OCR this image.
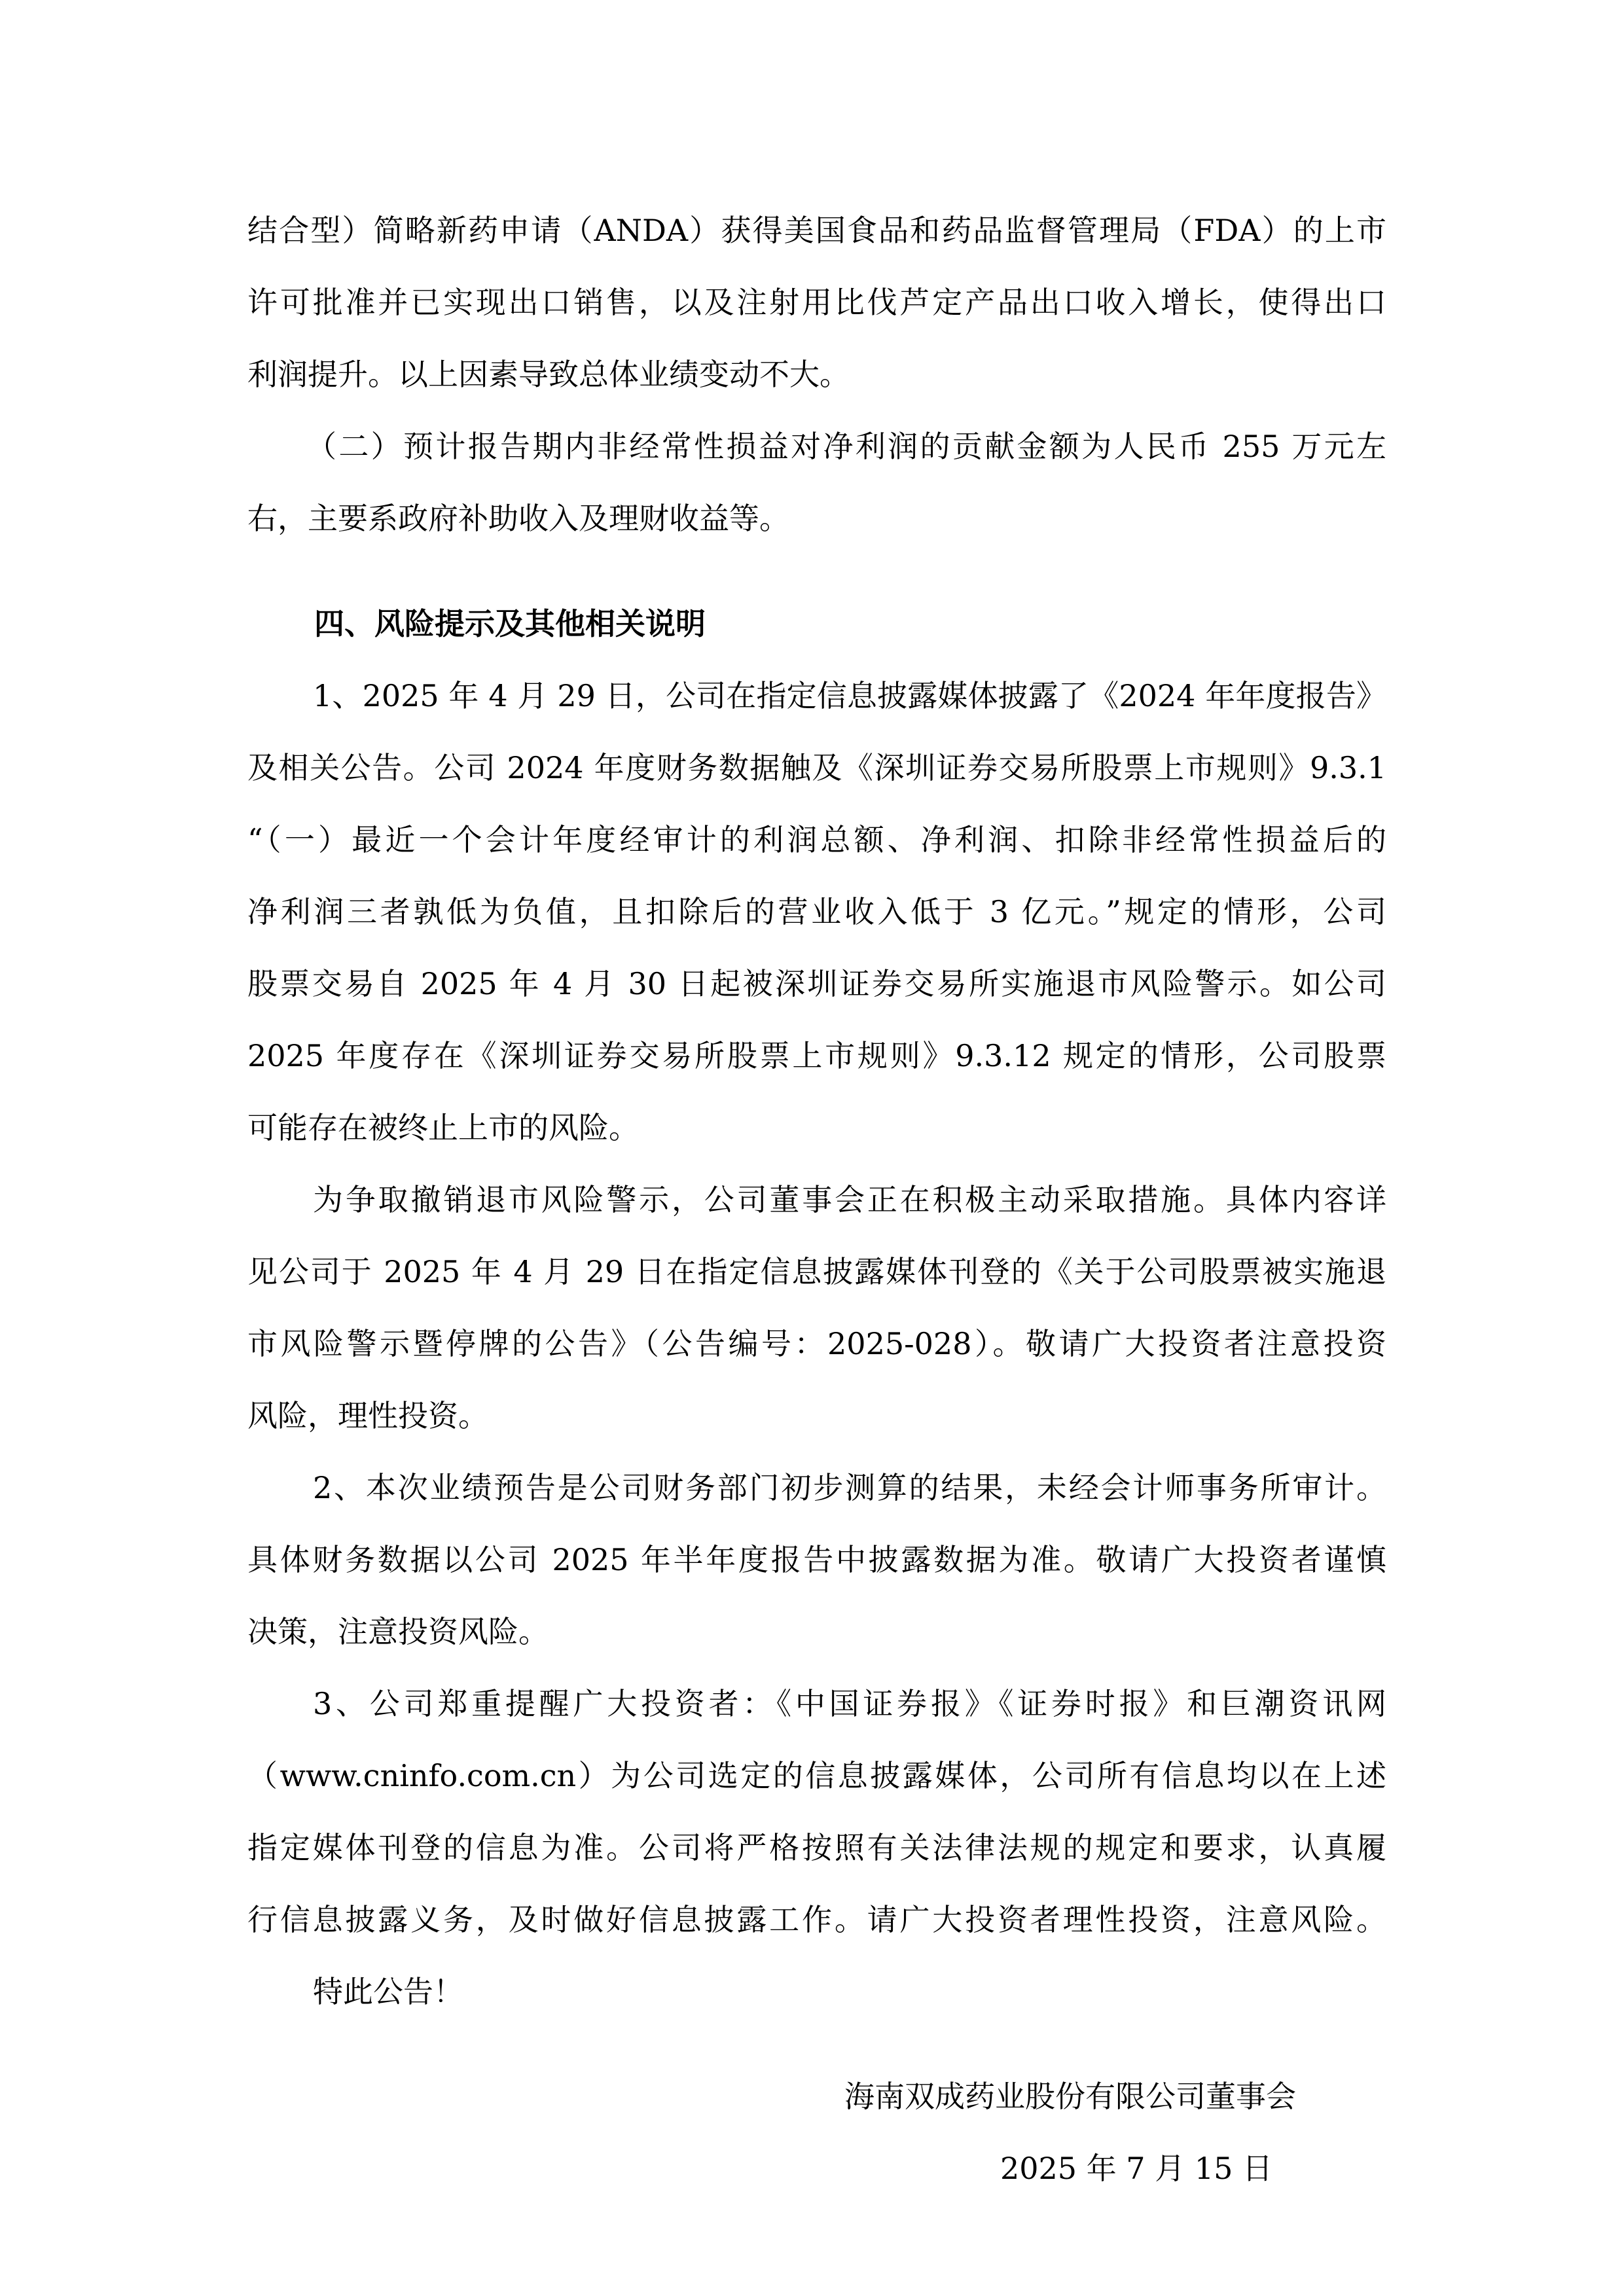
结合型）简略新药申请（ANDA）获得美国食品和药品监督管理局（FDA）的上市
许可批准并已实现出口销售，以及注射用比伐芦定产品出口收入增长，使得出口
利润提升。以上因素导致总体业绩变动不大。
（二）预计报告期内非经常性损益对净利润的贡献金额为人民币 255 万元左
右，主要系政府补助收入及理财收益等。
四、风险提示及其他相关说明
1、2025 年 4 月 29 日，公司在指定信息披露媒体披露了《2024 年年度报告》
及相关公告。公司 2024 年度财务数据触及《深圳证券交易所股票上市规则》9.3.1
“（一）最近一个会计年度经审计的利润总额、净利润、扣除非经常性损益后的
净利润三者孰低为负值，且扣除后的营业收入低于 3 亿元。”规定的情形，公司
股票交易自 2025 年 4 月 30 日起被深圳证券交易所实施退市风险警示。如公司
2025 年度存在《深圳证券交易所股票上市规则》9.3.12 规定的情形，公司股票
可能存在被终止上市的风险。
为争取撤销退市风险警示，公司董事会正在积极主动采取措施。具体内容详
见公司于 2025 年 4 月 29 日在指定信息披露媒体刊登的《关于公司股票被实施退
市风险警示暨停牌的公告》（公告编号：2025-028）。敬请广大投资者注意投资
风险，理性投资。
2、本次业绩预告是公司财务部门初步测算的结果，未经会计师事务所审计。
具体财务数据以公司 2025 年半年度报告中披露数据为准。敬请广大投资者谨慎
决策，注意投资风险。
3、公司郑重提醒广大投资者：《中国证券报》《证券时报》和巨潮资讯网
（www.cninfo.com.cn）为公司选定的信息披露媒体，公司所有信息均以在上述
指定媒体刊登的信息为准。公司将严格按照有关法律法规的规定和要求，认真履
行信息披露义务，及时做好信息披露工作。请广大投资者理性投资，注意风险。
特此公告！
海南双成药业股份有限公司董事会
2025 年 7 月 15 日
